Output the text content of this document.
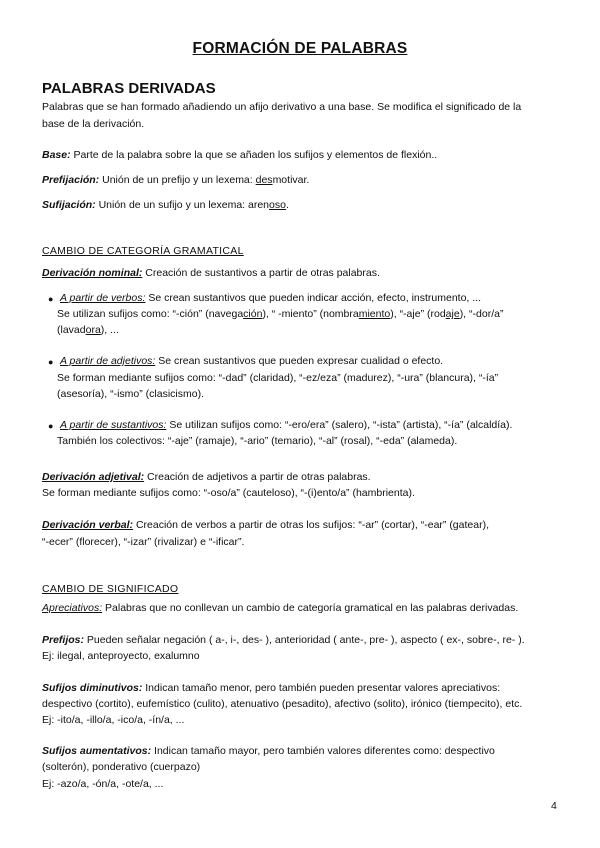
FORMACIÓN DE PALABRAS
PALABRAS DERIVADAS
Palabras que se han formado añadiendo un afijo derivativo a una base. Se modifica el significado de la
base de la derivación.
Base: Parte de la palabra sobre la que se añaden los sufijos y elementos de flexión..
Prefijación: Unión de un prefijo y un lexema: desmotivar.
Sufijación: Unión de un sufijo y un lexema: arenoso.
CAMBIO DE CATEGORÍA GRAMATICAL
Derivación nominal: Creación de sustantivos a partir de otras palabras.
● A partir de verbos: Se crean sustantivos que pueden indicar acción, efecto, instrumento, ...
Se utilizan sufijos como: “-ción” (navegación), “ -miento” (nombramiento), “-aje” (rodaje), “-dor/a”
(lavadora), ...
● A partir de adjetivos: Se crean sustantivos que pueden expresar cualidad o efecto.
Se forman mediante sufijos como: “-dad” (claridad), “-ez/eza” (madurez), “-ura” (blancura), “-ía”
(asesoría), “-ismo” (clasicismo).
● A partir de sustantivos: Se utilizan sufijos como: “-ero/era” (salero), “-ista” (artista), “-ía” (alcaldía).
También los colectivos: “-aje” (ramaje), “-ario” (temario), “-al” (rosal), “-eda” (alameda).
Derivación adjetival: Creación de adjetivos a partir de otras palabras.
Se forman mediante sufijos como: “-oso/a” (cauteloso), “-(i)ento/a” (hambrienta).
Derivación verbal: Creación de verbos a partir de otras los sufijos: “-ar” (cortar), “-ear” (gatear),
“-ecer” (florecer), “-izar” (rivalizar) e “-ificar”.
CAMBIO DE SIGNIFICADO
Apreciativos: Palabras que no conllevan un cambio de categoría gramatical en las palabras derivadas.
Prefijos: Pueden señalar negación ( a-, i-, des- ), anterioridad ( ante-, pre- ), aspecto ( ex-, sobre-, re- ).
Ej: ilegal, anteproyecto, exalumno
Sufijos diminutivos: Indican tamaño menor, pero también pueden presentar valores apreciativos:
despectivo (cortito), eufemístico (culito), atenuativo (pesadito), afectivo (solito), irónico (tiempecito), etc.
Ej: -ito/a, -illo/a, -ico/a, -ín/a, ...
Sufijos aumentativos: Indican tamaño mayor, pero también valores diferentes como: despectivo
(solterón), ponderativo (cuerpazo)
Ej: -azo/a, -ón/a, -ote/a, ...
4
